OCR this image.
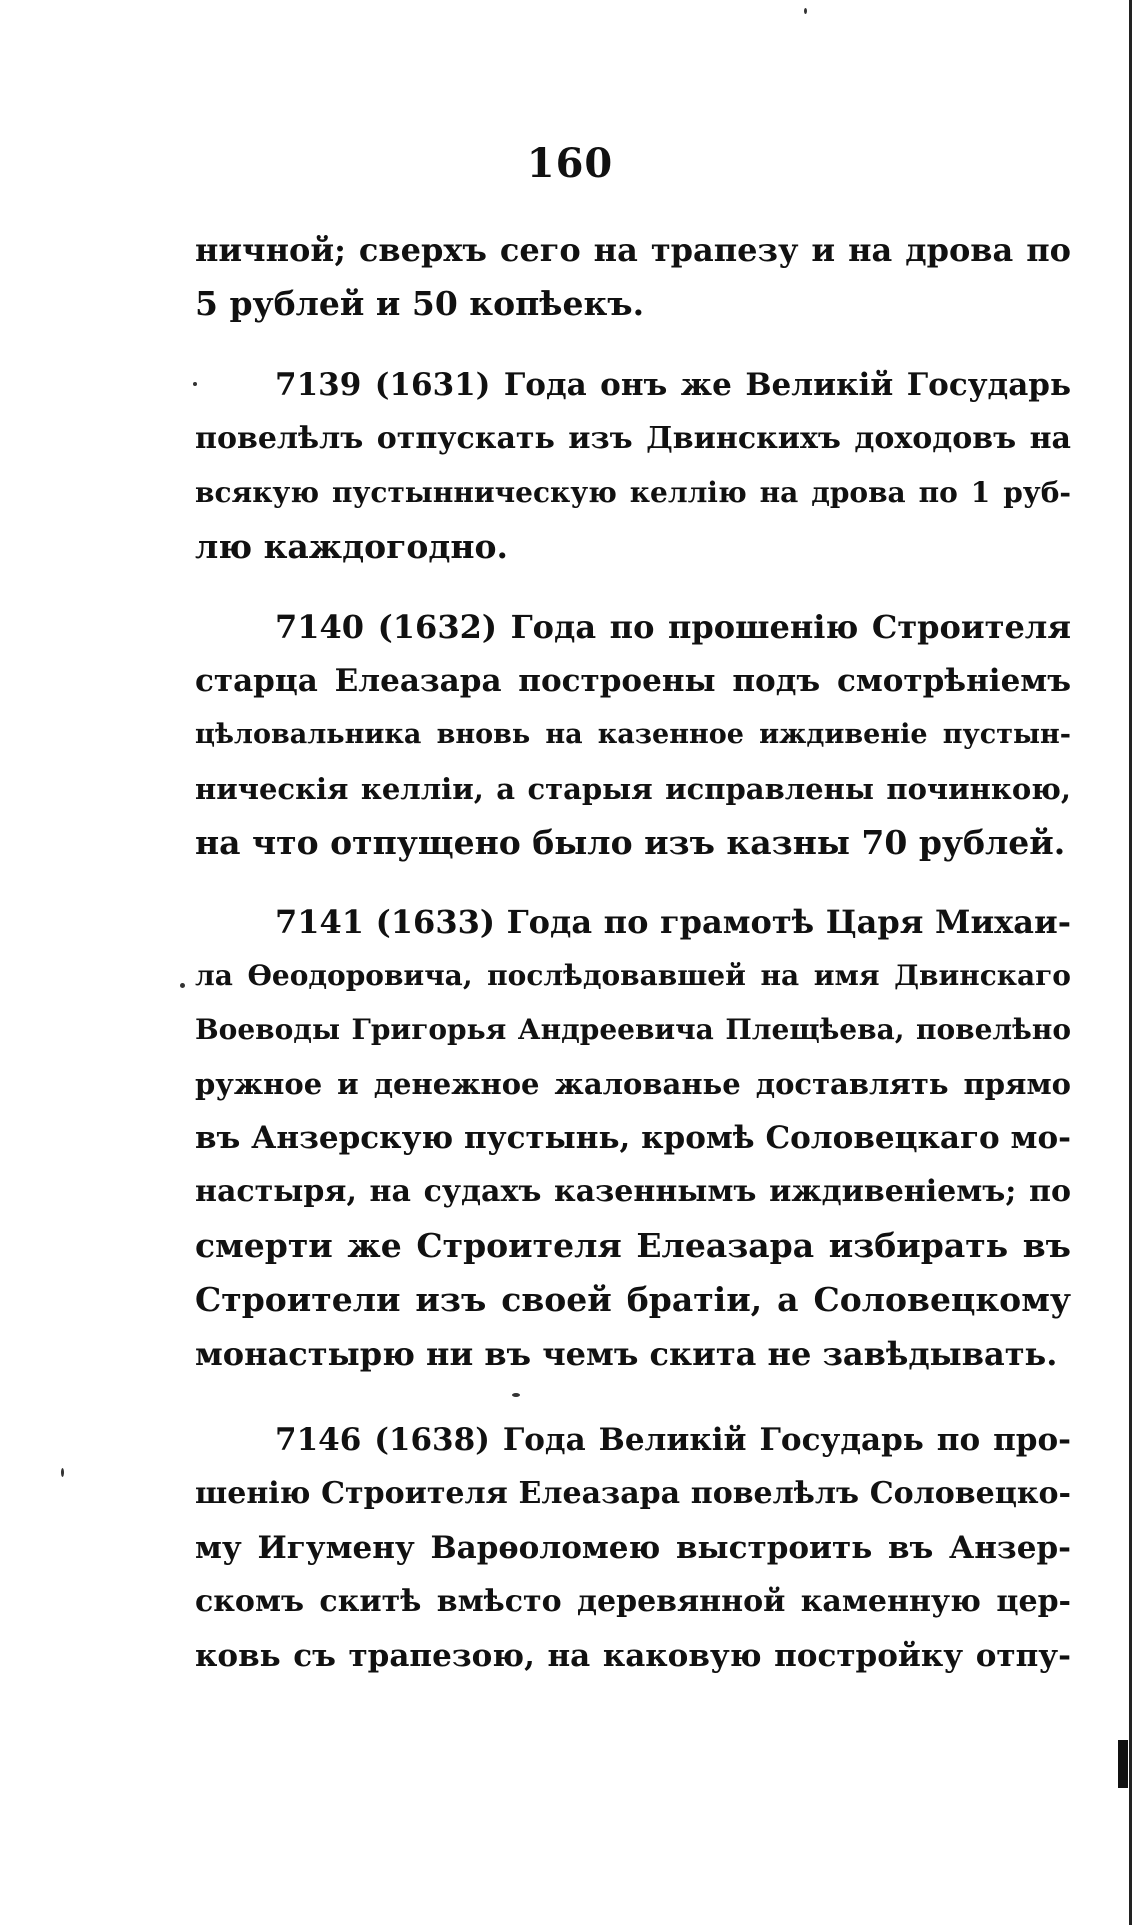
160
ничной; сверхъ сего на трапезу и на дрова по
5 рублей и 50 копѣекъ.
7139 (1631) Года онъ же Великій Государь
повелѣлъ отпускать изъ Двинскихъ доходовъ на
всякую пустынническую келлію на дрова по 1 руб-
лю каждогодно.
7140 (1632) Года по прошенію Строителя
старца Елеазара построены подъ смотрѣніемъ
цѣловальника вновь на казенное иждивеніе пустын-
ническія келліи, а старыя исправлены починкою,
на что отпущено было изъ казны 70 рублей.
7141 (1633) Года по грамотѣ Царя Михаи-
ла Ѳеодоровича, послѣдовавшей на имя Двинскаго
Воеводы Григорья Андреевича Плещѣева, повелѣно
ружное и денежное жалованье доставлять прямо
въ Анзерскую пустынь, кромѣ Соловецкаго мо-
настыря, на судахъ казеннымъ иждивеніемъ; по
смерти же Строителя Елеазара избирать въ
Строители изъ своей братіи, а Соловецкому
монастырю ни въ чемъ скита не завѣдывать.
7146 (1638) Года Великій Государь по про-
шенію Строителя Елеазара повелѣлъ Соловецко-
му Игумену Варѳоломею выстроить въ Анзер-
скомъ скитѣ вмѣсто деревянной каменную цер-
ковь съ трапезою, на каковую постройку отпу-
